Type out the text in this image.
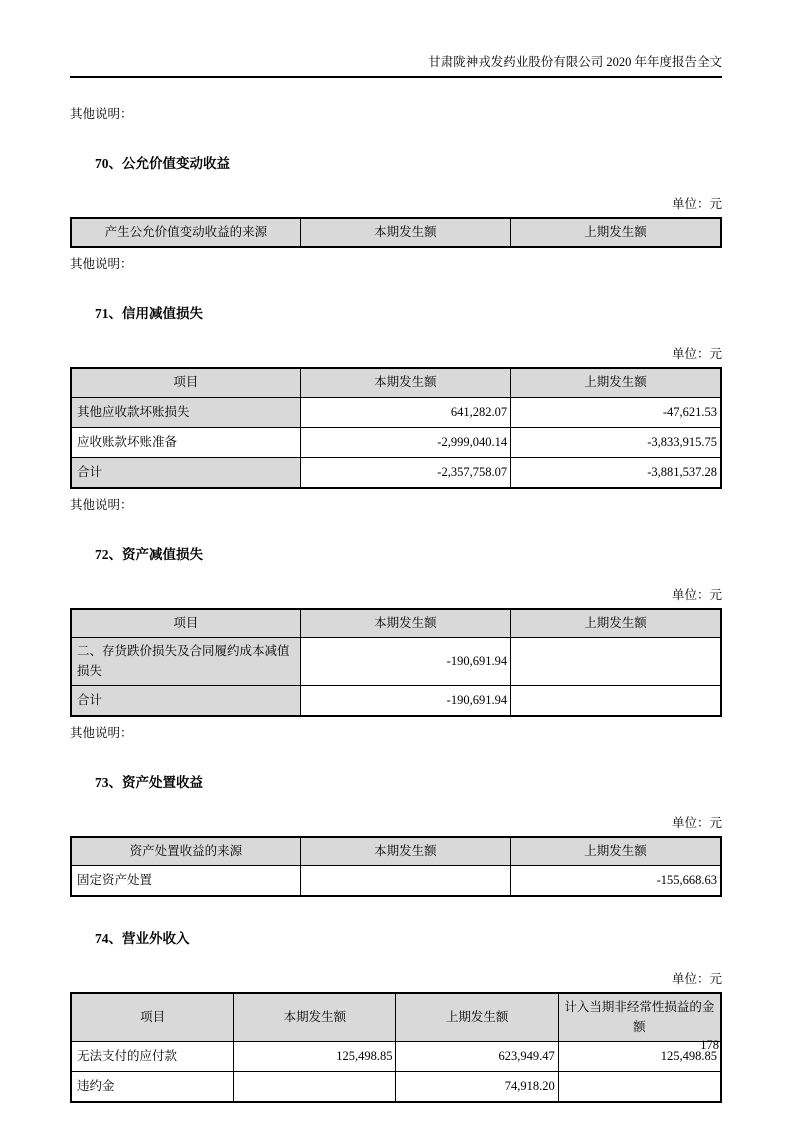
甘肃陇神戎发药业股份有限公司 2020 年年度报告全文

其他说明：

70、公允价值变动收益
单位：元
产生公允价值变动收益的来源	本期发生额	上期发生额

其他说明：

71、信用减值损失
单位：元
项目	本期发生额	上期发生额
其他应收款坏账损失	641,282.07	-47,621.53
应收账款坏账准备	-2,999,040.14	-3,833,915.75
合计	-2,357,758.07	-3,881,537.28

其他说明：

72、资产减值损失
单位：元
项目	本期发生额	上期发生额
二、存货跌价损失及合同履约成本减值损失	-190,691.94	
合计	-190,691.94	

其他说明：

73、资产处置收益
单位：元
资产处置收益的来源	本期发生额	上期发生额
固定资产处置		-155,668.63
74、营业外收入
单位：元
项目	本期发生额	上期发生额	计入当期非经常性损益的金额
无法支付的应付款	125,498.85	623,949.47	125,498.85
违约金		74,918.20	
178
